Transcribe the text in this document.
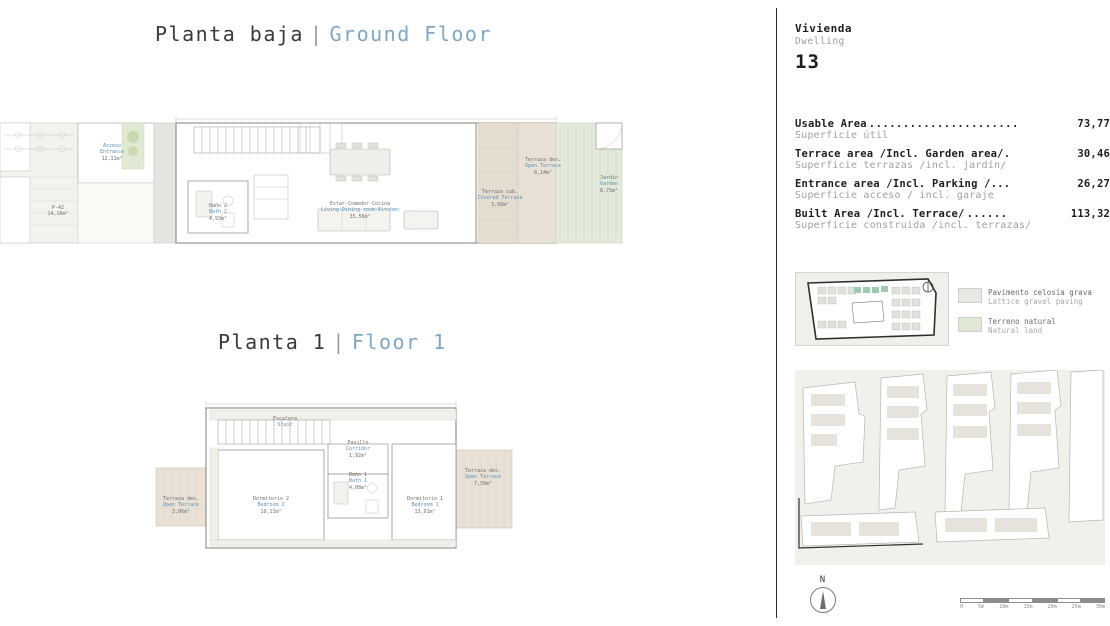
Planta baja | Ground Floor
Acceso
Entrance
12,11m²
P-42
14,16m²
Baño 2
Bath 2
4,93m²
Estar-Comedor-Cocina
Living-Dining room-Kitchen
35,56m²
Terraza des.
Open Terrace
8,14m²
Terraza cub.
Covered Terrace
3,08m²
Jardín
Garden
8,79m²
Planta 1 | Floor 1
Escalera
Stair
Pasillo
Corridor
1,92m²
Baño 1
Bath 1
4,08m²
Dormitorio 2
Bedroom 2
10,11m²
Dormitorio 1
Bedroom 1
13,91m²
Terraza des.
Open Terrace
3,06m²
Terraza des.
Open Terrace
7,39m²
Vivienda
Dwelling
13
Usable Area ......................	73,77
Superficie útil
Terrace area /Incl. Garden area/.	30,46
Superficie terrazas /incl. jardín/
Entrance area /Incl. Parking /...	26,27
Superficie acceso / incl. garaje
Built Area /Incl. Terrace/ ......	113,32
Superficie construida /incl. terrazas/
Pavimento celosía grava
Lattice gravel paving
Terreno natural
Natural land
N
0	5m	10m	15m	20m	25m	30m
